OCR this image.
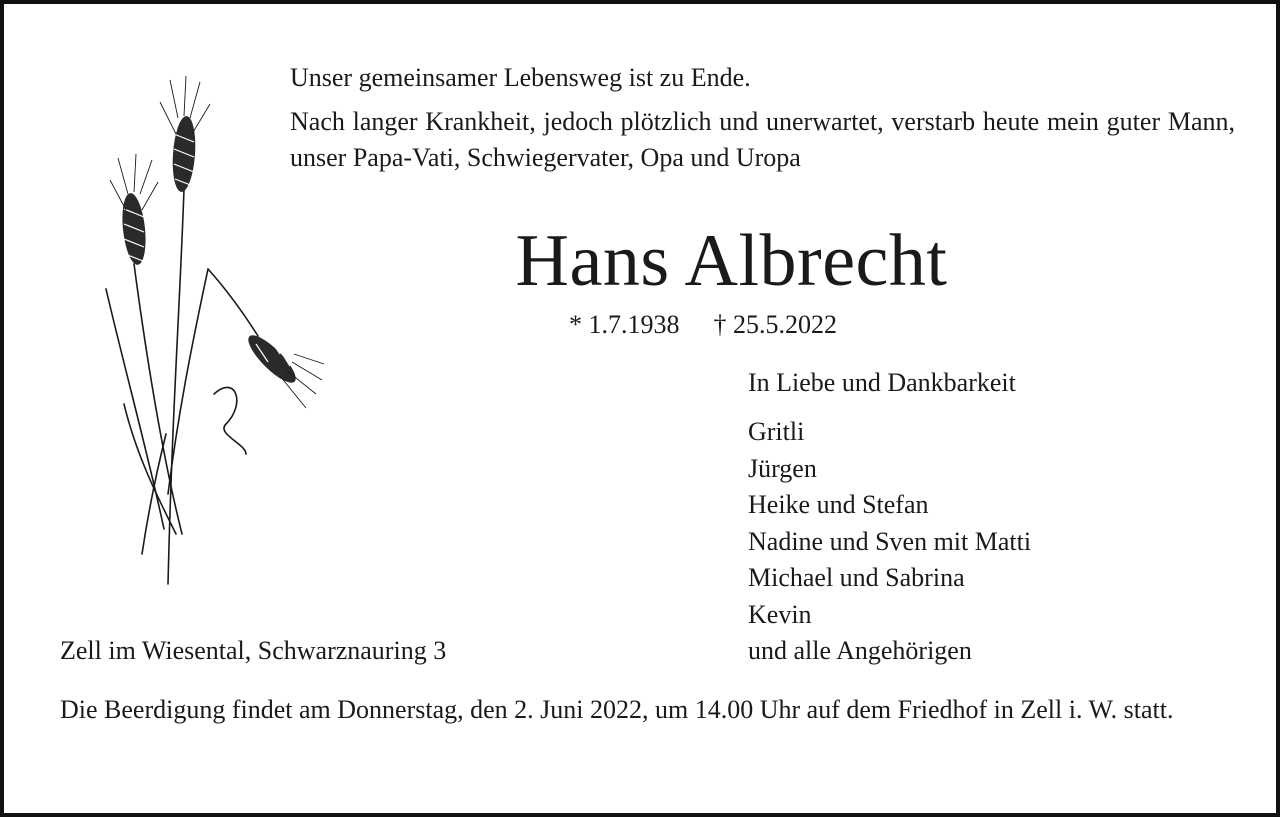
Unser gemeinsamer Lebensweg ist zu Ende.

Nach langer Krankheit, jedoch plötzlich und unerwartet, verstarb heute mein guter Mann, unser Papa-Vati, Schwiegervater, Opa und Uropa

Hans Albrecht
* 1.7.1938 † 25.5.2022
In Liebe und Dankbarkeit
Gritli
Jürgen
Heike und Stefan
Nadine und Sven mit Matti
Michael und Sabrina
Kevin
und alle Angehörigen
Zell im Wiesental, Schwarznauring 3
Die Beerdigung findet am Donnerstag, den 2. Juni 2022, um 14.00 Uhr auf dem Friedhof in Zell i. W. statt.
